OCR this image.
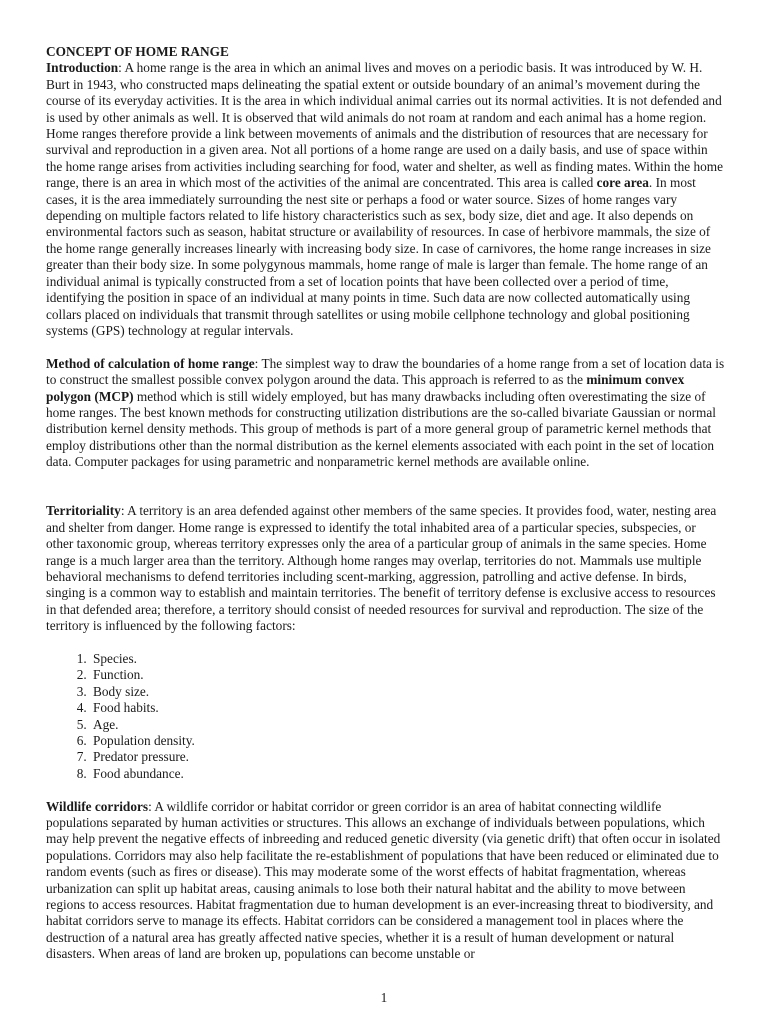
CONCEPT OF HOME RANGE

Introduction: A home range is the area in which an animal lives and moves on a periodic basis. It was introduced by W. H. Burt in 1943, who constructed maps delineating the spatial extent or outside boundary of an animal’s movement during the course of its everyday activities. It is the area in which individual animal carries out its normal activities. It is not defended and is used by other animals as well. It is observed that wild animals do not roam at random and each animal has a home region. Home ranges therefore provide a link between movements of animals and the distribution of resources that are necessary for survival and reproduction in a given area. Not all portions of a home range are used on a daily basis, and use of space within the home range arises from activities including searching for food, water and shelter, as well as finding mates. Within the home range, there is an area in which most of the activities of the animal are concentrated. This area is called core area. In most cases, it is the area immediately surrounding the nest site or perhaps a food or water source. Sizes of home ranges vary depending on multiple factors related to life history characteristics such as sex, body size, diet and age. It also depends on environmental factors such as season, habitat structure or availability of resources. In case of herbivore mammals, the size of the home range generally increases linearly with increasing body size. In case of carnivores, the home range increases in size greater than their body size. In some polygynous mammals, home range of male is larger than female. The home range of an individual animal is typically constructed from a set of location points that have been collected over a period of time, identifying the position in space of an individual at many points in time. Such data are now collected automatically using collars placed on individuals that transmit through satellites or using mobile cellphone technology and global positioning systems (GPS) technology at regular intervals.

Method of calculation of home range: The simplest way to draw the boundaries of a home range from a set of location data is to construct the smallest possible convex polygon around the data. This approach is referred to as the minimum convex polygon (MCP) method which is still widely employed, but has many drawbacks including often overestimating the size of home ranges. The best known methods for constructing utilization distributions are the so-called bivariate Gaussian or normal distribution kernel density methods. This group of methods is part of a more general group of parametric kernel methods that employ distributions other than the normal distribution as the kernel elements associated with each point in the set of location data. Computer packages for using parametric and nonparametric kernel methods are available online.

Territoriality: A territory is an area defended against other members of the same species. It provides food, water, nesting area and shelter from danger. Home range is expressed to identify the total inhabited area of a particular species, subspecies, or other taxonomic group, whereas territory expresses only the area of a particular group of animals in the same species. Home range is a much larger area than the territory. Although home ranges may overlap, territories do not. Mammals use multiple behavioral mechanisms to defend territories including scent-marking, aggression, patrolling and active defense. In birds, singing is a common way to establish and maintain territories. The benefit of territory defense is exclusive access to resources in that defended area; therefore, a territory should consist of needed resources for survival and reproduction. The size of the territory is influenced by the following factors:

1. Species.
2. Function.
3. Body size.
4. Food habits.
5. Age.
6. Population density.
7. Predator pressure.
8. Food abundance.

Wildlife corridors: A wildlife corridor or habitat corridor or green corridor is an area of habitat connecting wildlife populations separated by human activities or structures. This allows an exchange of individuals between populations, which may help prevent the negative effects of inbreeding and reduced genetic diversity (via genetic drift) that often occur in isolated populations. Corridors may also help facilitate the re-establishment of populations that have been reduced or eliminated due to random events (such as fires or disease). This may moderate some of the worst effects of habitat fragmentation, whereas urbanization can split up habitat areas, causing animals to lose both their natural habitat and the ability to move between regions to access resources. Habitat fragmentation due to human development is an ever-increasing threat to biodiversity, and habitat corridors serve to manage its effects. Habitat corridors can be considered a management tool in places where the destruction of a natural area has greatly affected native species, whether it is a result of human development or natural disasters. When areas of land are broken up, populations can become unstable or

1
